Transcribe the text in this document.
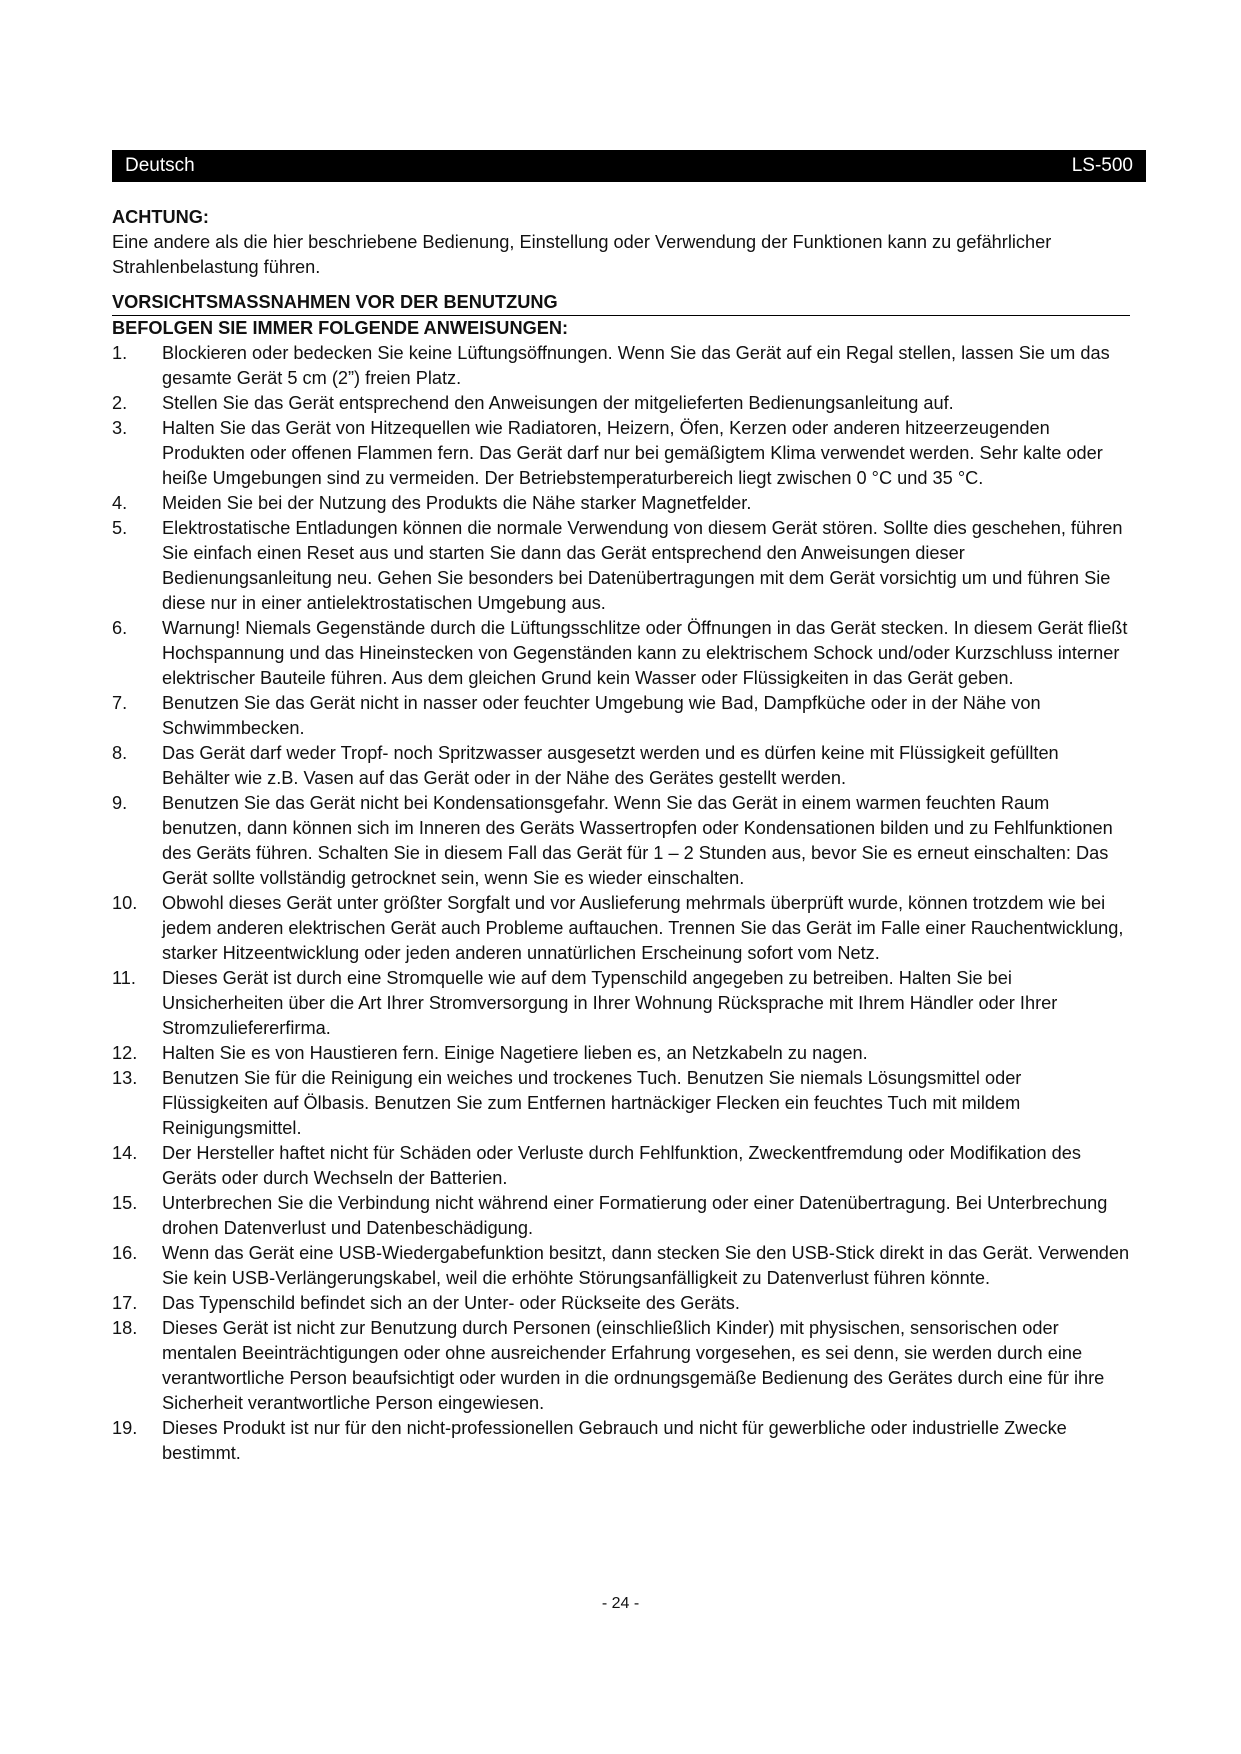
Deutsch	LS-500
ACHTUNG:

Eine andere als die hier beschriebene Bedienung, Einstellung oder Verwendung der Funktionen kann zu gefährlicher Strahlenbelastung führen.

VORSICHTSMASSNAHMEN VOR DER BENUTZUNG
BEFOLGEN SIE IMMER FOLGENDE ANWEISUNGEN:
1.	Blockieren oder bedecken Sie keine Lüftungsöffnungen. Wenn Sie das Gerät auf ein Regal stellen, lassen Sie um das gesamte Gerät 5 cm (2”) freien Platz.
2.	Stellen Sie das Gerät entsprechend den Anweisungen der mitgelieferten Bedienungsanleitung auf.
3.	Halten Sie das Gerät von Hitzequellen wie Radiatoren, Heizern, Öfen, Kerzen oder anderen hitzeerzeugenden Produkten oder offenen Flammen fern. Das Gerät darf nur bei gemäßigtem Klima verwendet werden. Sehr kalte oder heiße Umgebungen sind zu vermeiden. Der Betriebstemperaturbereich liegt zwischen 0 °C und 35 °C.
4.	Meiden Sie bei der Nutzung des Produkts die Nähe starker Magnetfelder.
5.	Elektrostatische Entladungen können die normale Verwendung von diesem Gerät stören. Sollte dies geschehen, führen Sie einfach einen Reset aus und starten Sie dann das Gerät entsprechend den Anweisungen dieser Bedienungsanleitung neu. Gehen Sie besonders bei Datenübertragungen mit dem Gerät vorsichtig um und führen Sie diese nur in einer antielektrostatischen Umgebung aus.
6.	Warnung! Niemals Gegenstände durch die Lüftungsschlitze oder Öffnungen in das Gerät stecken. In diesem Gerät fließt Hochspannung und das Hineinstecken von Gegenständen kann zu elektrischem Schock und/oder Kurzschluss interner elektrischer Bauteile führen. Aus dem gleichen Grund kein Wasser oder Flüssigkeiten in das Gerät geben.
7.	Benutzen Sie das Gerät nicht in nasser oder feuchter Umgebung wie Bad, Dampfküche oder in der Nähe von Schwimmbecken.
8.	Das Gerät darf weder Tropf- noch Spritzwasser ausgesetzt werden und es dürfen keine mit Flüssigkeit gefüllten Behälter wie z.B. Vasen auf das Gerät oder in der Nähe des Gerätes gestellt werden.
9.	Benutzen Sie das Gerät nicht bei Kondensationsgefahr. Wenn Sie das Gerät in einem warmen feuchten Raum benutzen, dann können sich im Inneren des Geräts Wassertropfen oder Kondensationen bilden und zu Fehlfunktionen des Geräts führen. Schalten Sie in diesem Fall das Gerät für 1 – 2 Stunden aus, bevor Sie es erneut einschalten: Das Gerät sollte vollständig getrocknet sein, wenn Sie es wieder einschalten.
10.	Obwohl dieses Gerät unter größter Sorgfalt und vor Auslieferung mehrmals überprüft wurde, können trotzdem wie bei jedem anderen elektrischen Gerät auch Probleme auftauchen. Trennen Sie das Gerät im Falle einer Rauchentwicklung, starker Hitzeentwicklung oder jeden anderen unnatürlichen Erscheinung sofort vom Netz.
11.	Dieses Gerät ist durch eine Stromquelle wie auf dem Typenschild angegeben zu betreiben. Halten Sie bei Unsicherheiten über die Art Ihrer Stromversorgung in Ihrer Wohnung Rücksprache mit Ihrem Händler oder Ihrer Stromzuliefererfirma.
12.	Halten Sie es von Haustieren fern. Einige Nagetiere lieben es, an Netzkabeln zu nagen.
13.	Benutzen Sie für die Reinigung ein weiches und trockenes Tuch. Benutzen Sie niemals Lösungsmittel oder Flüssigkeiten auf Ölbasis. Benutzen Sie zum Entfernen hartnäckiger Flecken ein feuchtes Tuch mit mildem Reinigungsmittel.
14.	Der Hersteller haftet nicht für Schäden oder Verluste durch Fehlfunktion, Zweckentfremdung oder Modifikation des Geräts oder durch Wechseln der Batterien.
15.	Unterbrechen Sie die Verbindung nicht während einer Formatierung oder einer Datenübertragung. Bei Unterbrechung drohen Datenverlust und Datenbeschädigung.
16.	Wenn das Gerät eine USB-Wiedergabefunktion besitzt, dann stecken Sie den USB-Stick direkt in das Gerät. Verwenden Sie kein USB-Verlängerungskabel, weil die erhöhte Störungsanfälligkeit zu Datenverlust führen könnte.
17.	Das Typenschild befindet sich an der Unter- oder Rückseite des Geräts.
18.	Dieses Gerät ist nicht zur Benutzung durch Personen (einschließlich Kinder) mit physischen, sensorischen oder mentalen Beeinträchtigungen oder ohne ausreichender Erfahrung vorgesehen, es sei denn, sie werden durch eine verantwortliche Person beaufsichtigt oder wurden in die ordnungsgemäße Bedienung des Gerätes durch eine für ihre Sicherheit verantwortliche Person eingewiesen.
19.	Dieses Produkt ist nur für den nicht-professionellen Gebrauch und nicht für gewerbliche oder industrielle Zwecke bestimmt.
- 24 -
